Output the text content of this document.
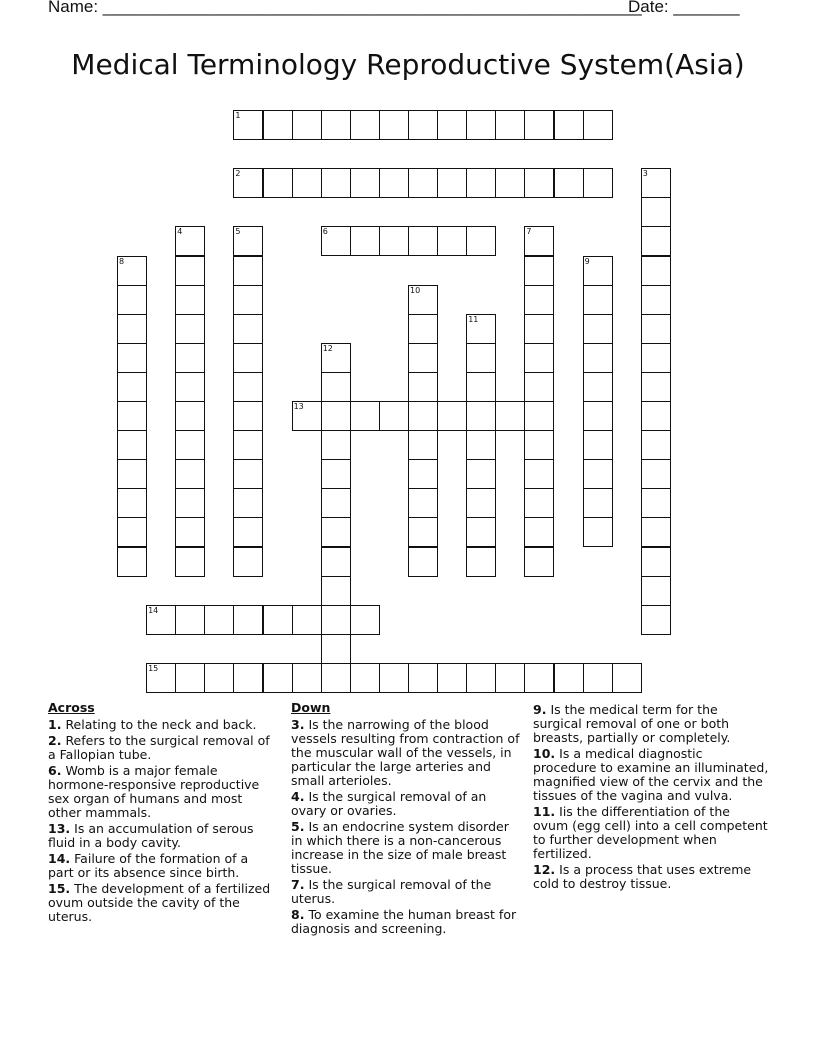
Name: _________________________________________________________
Date: _______
Medical Terminology Reproductive System(Asia)
1
2	3
4	5	6	7
8	9
10
11
12
13
14
15
Across
1. Relating to the neck and back.
2. Refers to the surgical removal of a Fallopian tube.
6. Womb is a major female hormone-responsive reproductive sex organ of humans and most other mammals.
13. Is an accumulation of serous fluid in a body cavity.
14. Failure of the formation of a part or its absence since birth.
15. The development of a fertilized ovum outside the cavity of the uterus.
Down
3. Is the narrowing of the blood vessels resulting from contraction of the muscular wall of the vessels, in particular the large arteries and small arterioles.
4. Is the surgical removal of an ovary or ovaries.
5. Is an endocrine system disorder in which there is a non-cancerous increase in the size of male breast tissue.
7. Is the surgical removal of the uterus.
8. To examine the human breast for diagnosis and screening.
9. Is the medical term for the surgical removal of one or both breasts, partially or completely.
10. Is a medical diagnostic procedure to examine an illuminated, magnified view of the cervix and the tissues of the vagina and vulva.
11. Iis the differentiation of the ovum (egg cell) into a cell competent to further development when fertilized.
12. Is a process that uses extreme cold to destroy tissue.
